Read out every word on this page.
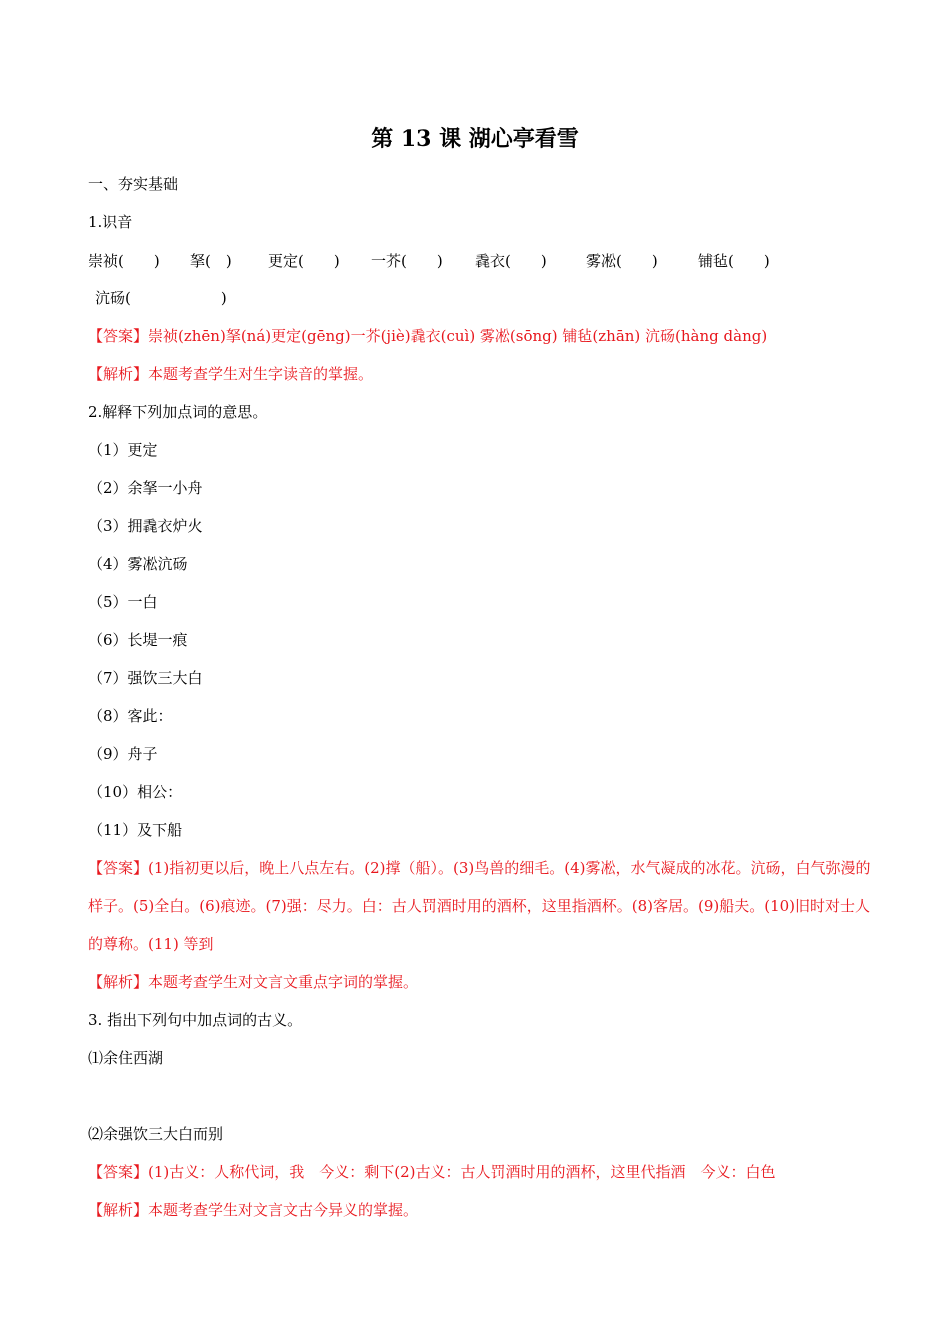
第 13 课 湖心亭看雪
一、夯实基础
1.识音
崇祯(　　) 拏(　) 更定(　　) 一芥(　　) 毳衣(　　)	雾凇(　　)	铺毡(　　)
沆砀(　　　　　　)
【答案】崇祯(zhēn)拏(ná)更定(gēng)一芥(jiè)毳衣(cuì) 雾凇(sōng) 铺毡(zhān) 沆砀(hàng dàng)
【解析】本题考查学生对生字读音的掌握。
2.解释下列加点词的意思。
（1）更定
（2）余拏一小舟
（3）拥毳衣炉火
（4）雾凇沆砀
（5）一白
（6）长堤一痕
（7）强饮三大白
（8）客此：
（9）舟子
（10）相公：
（11）及下船
【答案】(1)指初更以后，晚上八点左右。(2)撑（船）。(3)鸟兽的细毛。(4)雾凇，水气凝成的冰花。沆砀，白气弥漫的样子。(5)全白。(6)痕迹。(7)强：尽力。白：古人罚酒时用的酒杯，这里指酒杯。(8)客居。(9)船夫。(10)旧时对士人的尊称。(11) 等到
【解析】本题考查学生对文言文重点字词的掌握。
3. 指出下列句中加点词的古义。
⑴余住西湖
⑵余强饮三大白而别
【答案】(1)古义：人称代词，我　今义：剩下(2)古义：古人罚酒时用的酒杯，这里代指酒　今义：白色
【解析】本题考查学生对文言文古今异义的掌握。
